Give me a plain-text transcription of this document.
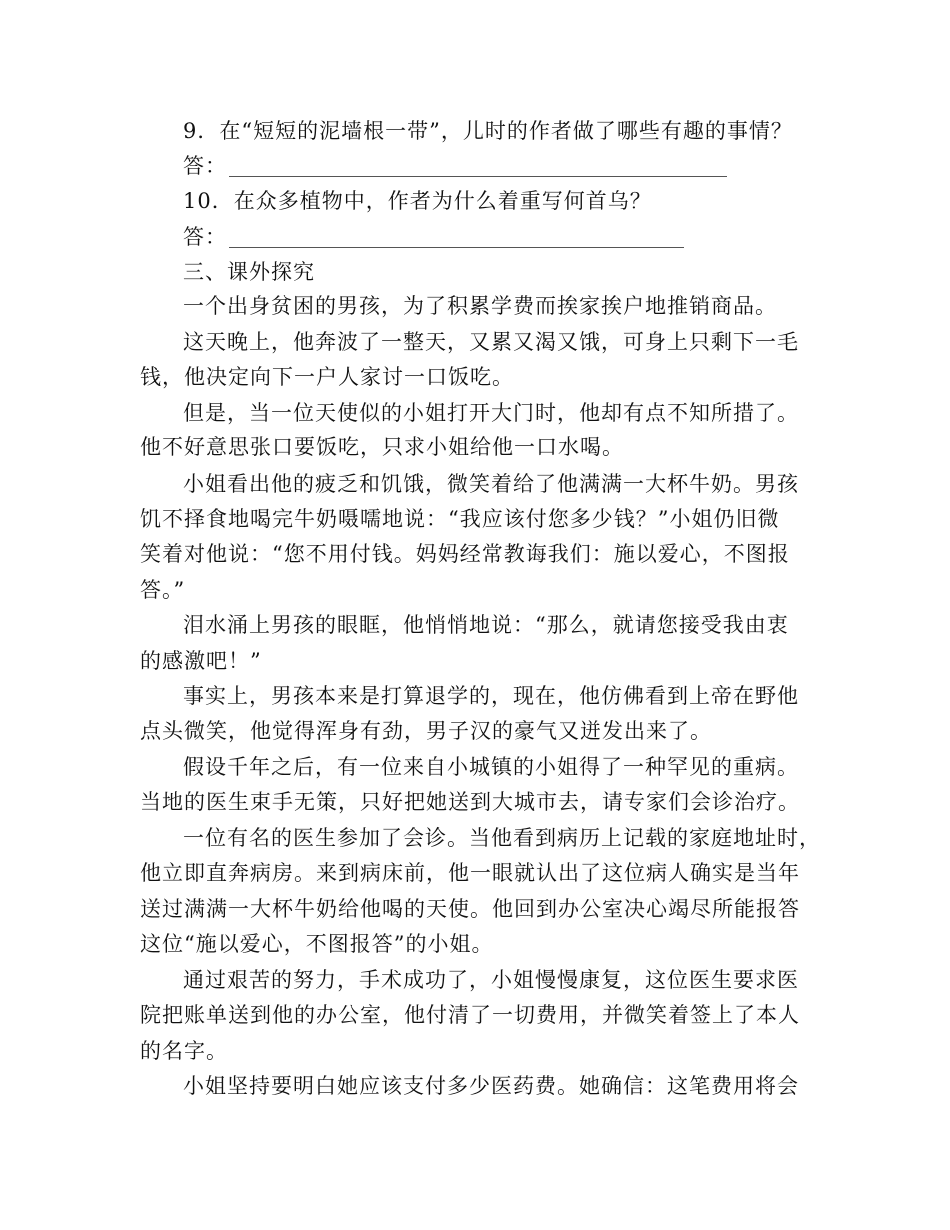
9．在“短短的泥墙根一带”，儿时的作者做了哪些有趣的事情？
答：
10．在众多植物中，作者为什么着重写何首乌？
答：
三、课外探究
一个出身贫困的男孩，为了积累学费而挨家挨户地推销商品。
这天晚上，他奔波了一整天，又累又渴又饿，可身上只剩下一毛
钱，他决定向下一户人家讨一口饭吃。
但是，当一位天使似的小姐打开大门时，他却有点不知所措了。
他不好意思张口要饭吃，只求小姐给他一口水喝。
小姐看出他的疲乏和饥饿，微笑着给了他满满一大杯牛奶。男孩
饥不择食地喝完牛奶嗫嚅地说：“我应该付您多少钱？”小姐仍旧微
笑着对他说：“您不用付钱。妈妈经常教诲我们：施以爱心，不图报
答。”
泪水涌上男孩的眼眶，他悄悄地说：“那么，就请您接受我由衷
的感激吧！”
事实上，男孩本来是打算退学的，现在，他仿佛看到上帝在野他
点头微笑，他觉得浑身有劲，男子汉的豪气又迸发出来了。
假设千年之后，有一位来自小城镇的小姐得了一种罕见的重病。
当地的医生束手无策，只好把她送到大城市去，请专家们会诊治疗。
一位有名的医生参加了会诊。当他看到病历上记载的家庭地址时，
他立即直奔病房。来到病床前，他一眼就认出了这位病人确实是当年
送过满满一大杯牛奶给他喝的天使。他回到办公室决心竭尽所能报答
这位“施以爱心，不图报答”的小姐。
通过艰苦的努力，手术成功了，小姐慢慢康复，这位医生要求医
院把账单送到他的办公室，他付清了一切费用，并微笑着签上了本人
的名字。
小姐坚持要明白她应该支付多少医药费。她确信：这笔费用将会
